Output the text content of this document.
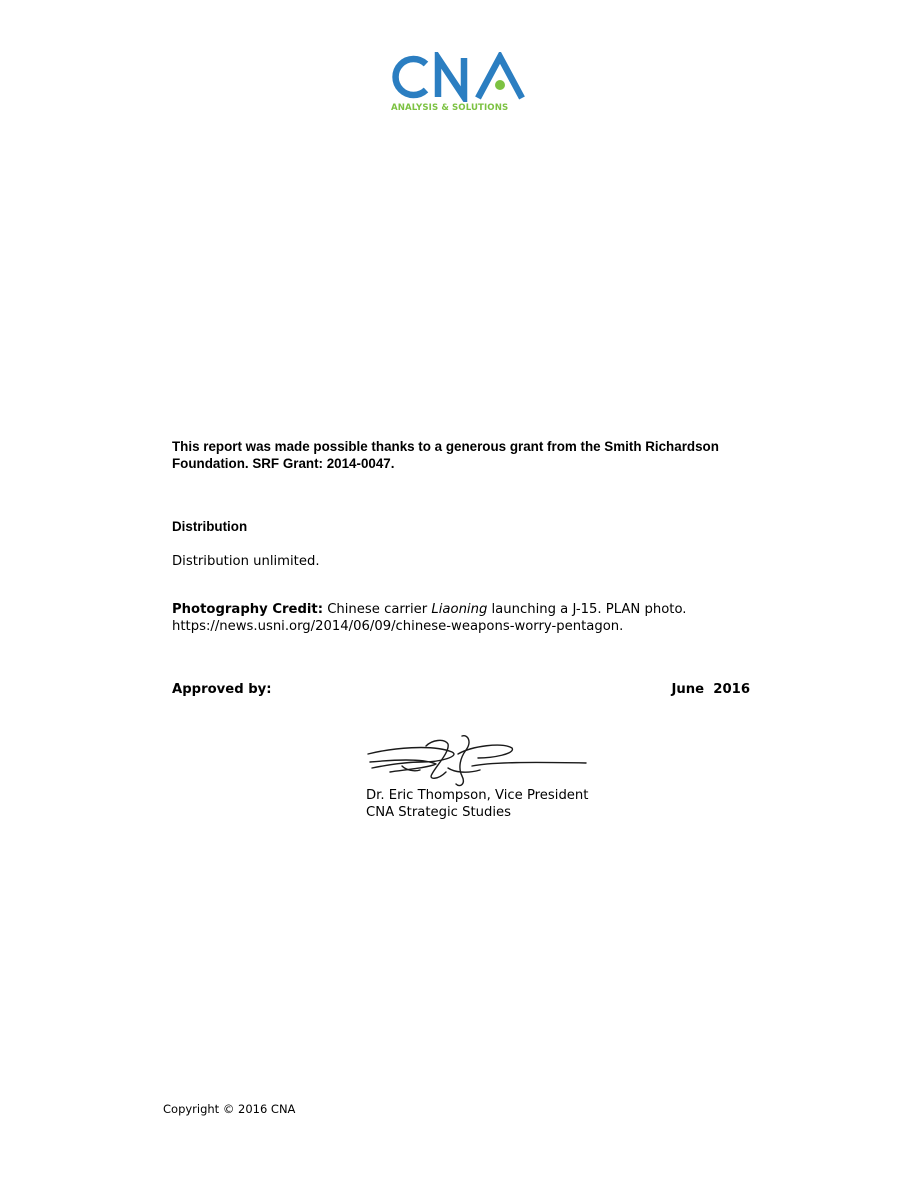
ANALYSIS & SOLUTIONS
This report was made possible thanks to a generous grant from the Smith Richardson Foundation. SRF Grant: 2014-0047.
Distribution
Distribution unlimited.
Photography Credit: Chinese carrier Liaoning launching a J-15. PLAN photo.
https://news.usni.org/2014/06/09/chinese-weapons-worry-pentagon.
Approved by:	June  2016
Dr. Eric Thompson, Vice President
CNA Strategic Studies
Copyright © 2016 CNA
